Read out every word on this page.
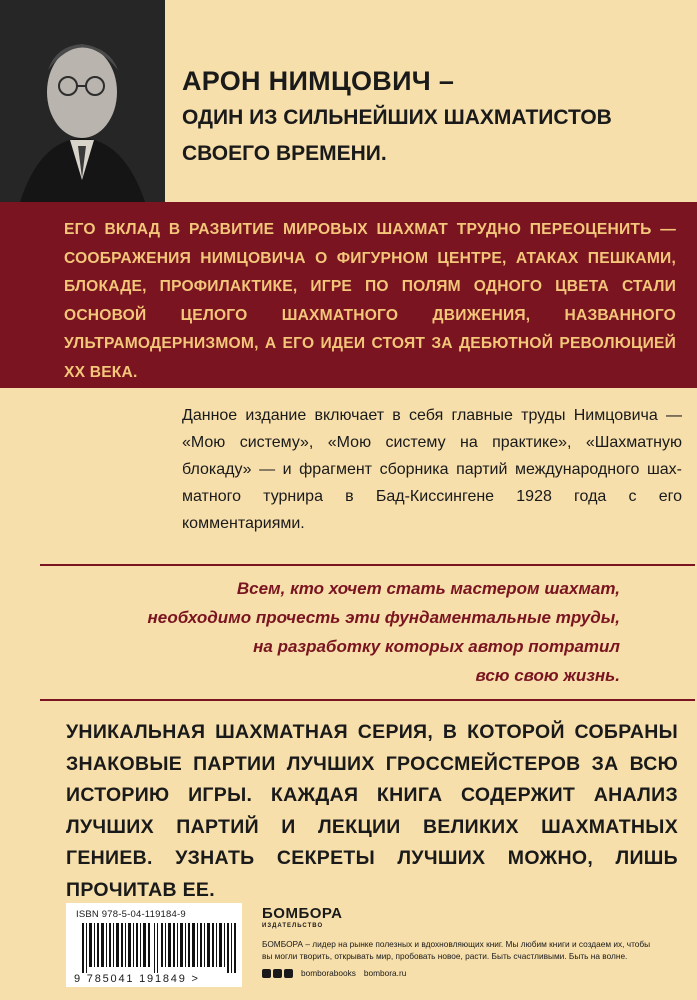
АРОН НИМЦОВИЧ –
ОДИН ИЗ СИЛЬНЕЙШИХ ШАХМАТИСТОВ
СВОЕГО ВРЕМЕНИ.

ЕГО ВКЛАД В РАЗВИТИЕ МИРОВЫХ ШАХМАТ ТРУДНО ПЕРЕОЦЕНИТЬ — СООБРАЖЕНИЯ НИМЦОВИЧА О ФИГУРНОМ ЦЕНТРЕ, АТАКАХ ПЕШКАМИ, БЛОКАДЕ, ПРОФИЛАКТИКЕ, ИГРЕ ПО ПОЛЯМ ОДНОГО ЦВЕТА СТАЛИ ОСНОВОЙ ЦЕЛОГО ШАХМАТНОГО ДВИЖЕНИЯ, НАЗВАННОГО УЛЬТРАМОДЕРНИЗМОМ, А ЕГО ИДЕИ СТОЯТ ЗА ДЕБЮТНОЙ РЕВОЛЮЦИЕЙ XX ВЕКА.

Данное издание включает в себя главные труды Нимцовича — «Мою систему», «Мою систему на практике», «Шахматную блокаду» — и фрагмент сборника партий международного шахматного турнира в Бад-Киссингене 1928 года с его комментариями.

Всем, кто хочет стать мастером шахмат,
необходимо прочесть эти фундаментальные труды,
на разработку которых автор потратил
всю свою жизнь.

УНИКАЛЬНАЯ ШАХМАТНАЯ СЕРИЯ, В КОТОРОЙ СОБРАНЫ ЗНАКОВЫЕ ПАРТИИ ЛУЧШИХ ГРОССМЕЙСТЕРОВ ЗА ВСЮ ИСТОРИЮ ИГРЫ. КАЖДАЯ КНИГА СОДЕРЖИТ АНАЛИЗ ЛУЧШИХ ПАРТИЙ И ЛЕКЦИИ ВЕЛИКИХ ШАХМАТНЫХ ГЕНИЕВ. УЗНАТЬ СЕКРЕТЫ ЛУЧШИХ МОЖНО, ЛИШЬ ПРОЧИТАВ ЕЕ.

ISBN 978-5-04-119184-9
9 785041 191849 >
БОМБОРА
ИЗДАТЕЛЬСТВО
БОМБОРА – лидер на рынке полезных и вдохновляющих книг. Мы любим книги и создаем их, чтобы вы могли творить, открывать мир, пробовать новое, расти. Быть счастливыми. Быть на волне.
bomborabooks bombora.ru
